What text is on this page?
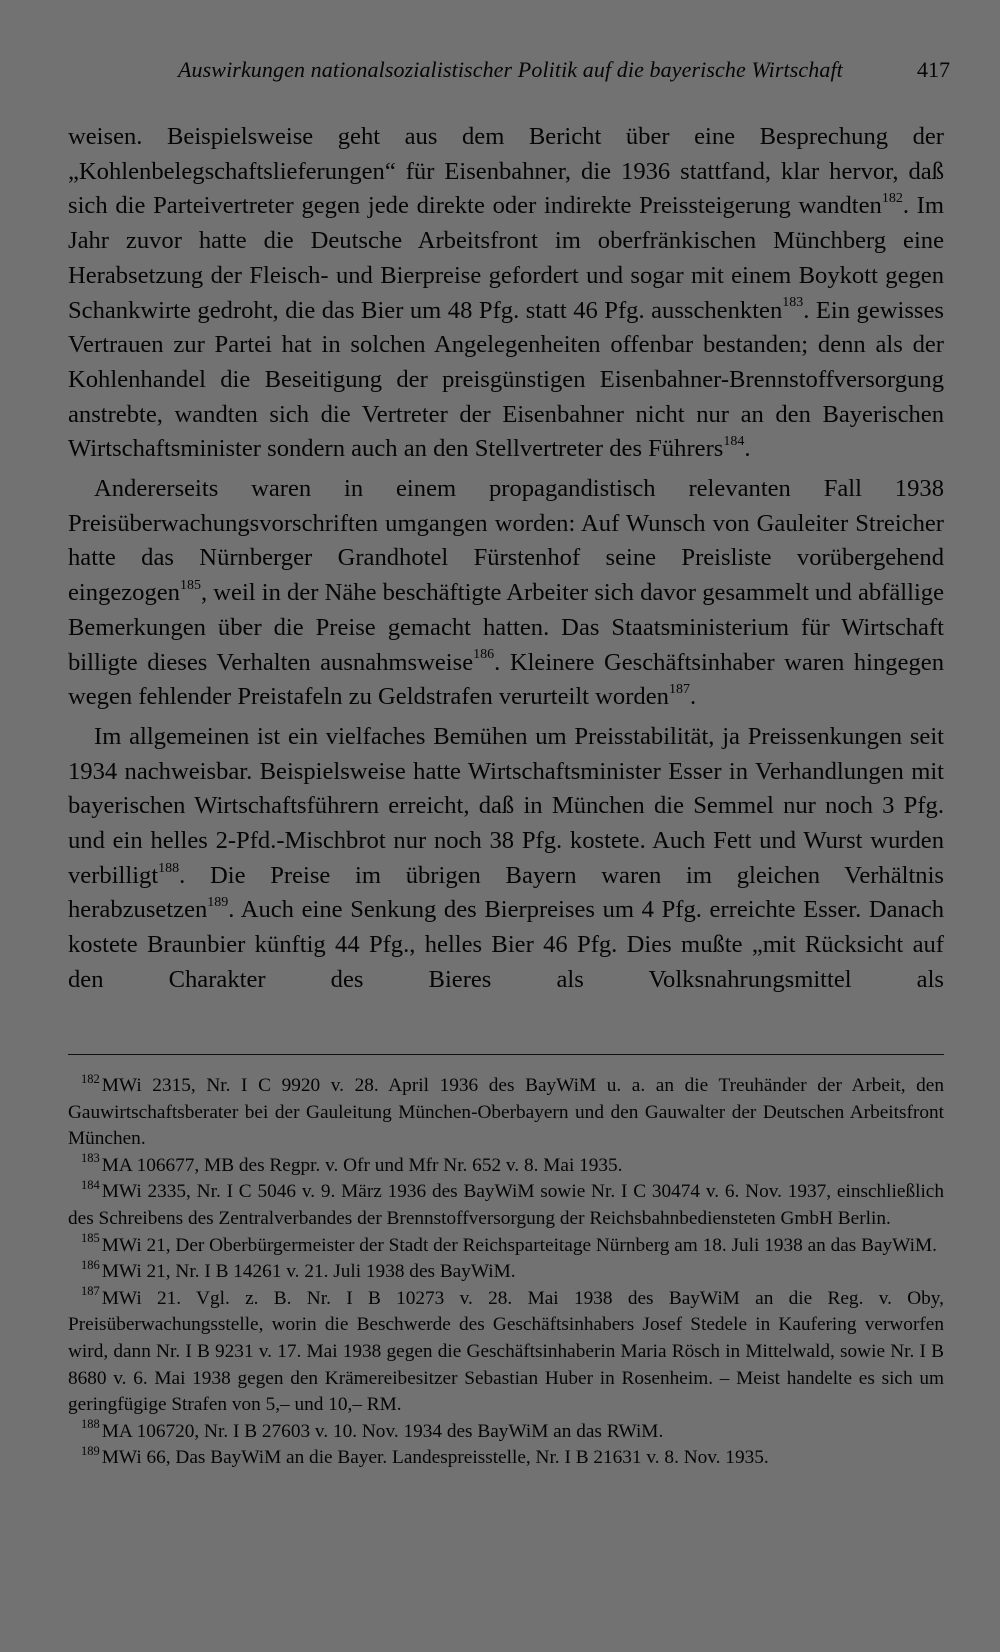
Auswirkungen nationalsozialistischer Politik auf die bayerische Wirtschaft	417

weisen. Beispielsweise geht aus dem Bericht über eine Besprechung der „Kohlenbelegschaftslieferungen“ für Eisenbahner, die 1936 stattfand, klar hervor, daß sich die Parteivertreter gegen jede direkte oder indirekte Preissteigerung wandten$^{182}$. Im Jahr zuvor hatte die Deutsche Arbeitsfront im oberfränkischen Münchberg eine Herabsetzung der Fleisch- und Bierpreise gefordert und sogar mit einem Boykott gegen Schankwirte gedroht, die das Bier um 48 Pfg. statt 46 Pfg. ausschenkten$^{183}$. Ein gewisses Vertrauen zur Partei hat in solchen Angelegenheiten offenbar bestanden; denn als der Kohlenhandel die Beseitigung der preisgünstigen Eisenbahner-Brennstoffversorgung anstrebte, wandten sich die Vertreter der Eisenbahner nicht nur an den Bayerischen Wirtschaftsminister sondern auch an den Stellvertreter des Führers$^{184}$.

Andererseits waren in einem propagandistisch relevanten Fall 1938 Preisüberwachungsvorschriften umgangen worden: Auf Wunsch von Gauleiter Streicher hatte das Nürnberger Grandhotel Fürstenhof seine Preisliste vorübergehend eingezogen$^{185}$, weil in der Nähe beschäftigte Arbeiter sich davor gesammelt und abfällige Bemerkungen über die Preise gemacht hatten. Das Staatsministerium für Wirtschaft billigte dieses Verhalten ausnahmsweise$^{186}$. Kleinere Geschäftsinhaber waren hingegen wegen fehlender Preistafeln zu Geldstrafen verurteilt worden$^{187}$.

Im allgemeinen ist ein vielfaches Bemühen um Preisstabilität, ja Preissenkungen seit 1934 nachweisbar. Beispielsweise hatte Wirtschaftsminister Esser in Verhandlungen mit bayerischen Wirtschaftsführern erreicht, daß in München die Semmel nur noch 3 Pfg. und ein helles 2-Pfd.-Mischbrot nur noch 38 Pfg. kostete. Auch Fett und Wurst wurden verbilligt$^{188}$. Die Preise im übrigen Bayern waren im gleichen Verhältnis herabzusetzen$^{189}$. Auch eine Senkung des Bierpreises um 4 Pfg. erreichte Esser. Danach kostete Braunbier künftig 44 Pfg., helles Bier 46 Pfg. Dies mußte „mit Rücksicht auf den Charakter des Bieres als Volksnahrungsmittel als

$^{182}$ MWi 2315, Nr. I C 9920 v. 28. April 1936 des BayWiM u. a. an die Treuhänder der Arbeit, den Gauwirtschaftsberater bei der Gauleitung München-Oberbayern und den Gauwalter der Deutschen Arbeitsfront München.

$^{183}$ MA 106677, MB des Regpr. v. Ofr und Mfr Nr. 652 v. 8. Mai 1935.

$^{184}$ MWi 2335, Nr. I C 5046 v. 9. März 1936 des BayWiM sowie Nr. I C 30474 v. 6. Nov. 1937, einschließlich des Schreibens des Zentralverbandes der Brennstoffversorgung der Reichsbahnbediensteten GmbH Berlin.

$^{185}$ MWi 21, Der Oberbürgermeister der Stadt der Reichsparteitage Nürnberg am 18. Juli 1938 an das BayWiM.

$^{186}$ MWi 21, Nr. I B 14261 v. 21. Juli 1938 des BayWiM.

$^{187}$ MWi 21. Vgl. z. B. Nr. I B 10273 v. 28. Mai 1938 des BayWiM an die Reg. v. Oby, Preisüberwachungsstelle, worin die Beschwerde des Geschäftsinhabers Josef Stedele in Kaufering verworfen wird, dann Nr. I B 9231 v. 17. Mai 1938 gegen die Geschäftsinhaberin Maria Rösch in Mittelwald, sowie Nr. I B 8680 v. 6. Mai 1938 gegen den Krämereibesitzer Sebastian Huber in Rosenheim. – Meist handelte es sich um geringfügige Strafen von 5,– und 10,– RM.

$^{188}$ MA 106720, Nr. I B 27603 v. 10. Nov. 1934 des BayWiM an das RWiM.

$^{189}$ MWi 66, Das BayWiM an die Bayer. Landespreisstelle, Nr. I B 21631 v. 8. Nov. 1935.
